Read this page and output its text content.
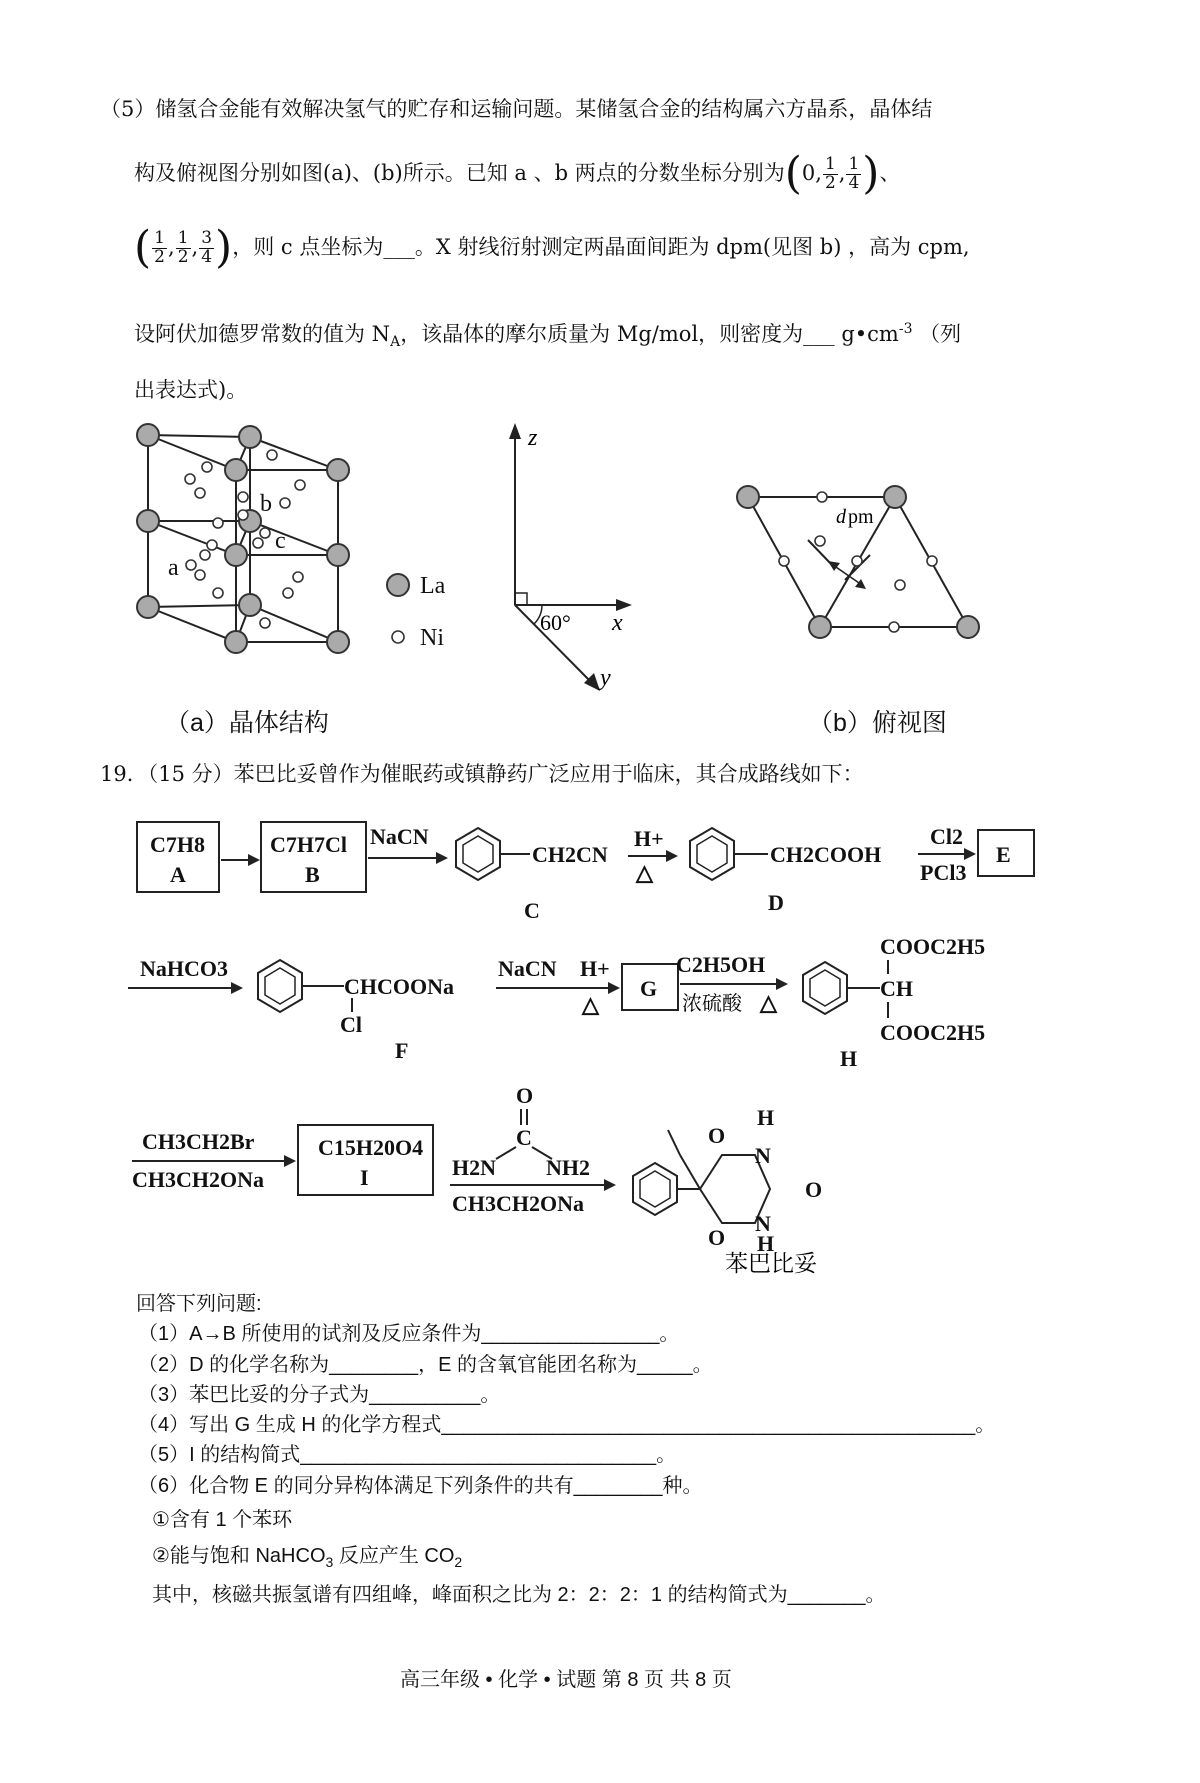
（5）储氢合金能有效解决氢气的贮存和运输问题。某储氢合金的结构属六方晶系，晶体结
构及俯视图分别如图(a)、(b)所示。已知 a 、b 两点的分数坐标分别为(0, $\frac{1}{2}$ , $\frac{1}{4}$ )、
( $\frac{1}{2}$ , $\frac{1}{2}$ , $\frac{3}{4}$ )，则 c 点坐标为___。X 射线衍射测定两晶面间距为 dpm(见图 b) ，高为 cpm,
设阿伏加德罗常数的值为 $N_A$，该晶体的摩尔质量为 Mg/mol，则密度为___ $g•cm^{-3}$ （列
出表达式)。
b
c
a
La
Ni
z
x
y
60°
d pm
（a）晶体结构	（b）俯视图
19．（15 分）苯巴比妥曾作为催眠药或镇静药广泛应用于临床，其合成路线如下：
C7H8
A
C7H7Cl
B
NaCN
CH2CN
C
H+
△
CH2COOH
D
Cl2
PCl3
E
NaHCO3
CHCOONa
Cl
F
NaCN H+
△
G
C2H5OH
浓硫酸 △
COOC2H5
CH
COOC2H5
H
CH3CH2Br
CH3CH2ONa
C15H20O4
I
O
C
H2N NH2
CH3CH2ONa
O
N
H
O
N
H
O
苯巴比妥
回答下列问题:
（1）A→B 所使用的试剂及反应条件为________________。
（2）D 的化学名称为________，E 的含氧官能团名称为_____。
（3）苯巴比妥的分子式为__________。
（4）写出 G 生成 H 的化学方程式________________________________________________。
（5）I 的结构简式________________________________。
（6）化合物 E 的同分异构体满足下列条件的共有________种。
①含有 1 个苯环
②能与饱和 NaHCO$_3$ 反应产生 $CO_2$
其中，核磁共振氢谱有四组峰，峰面积之比为 2：2：2：1 的结构简式为_______。
高三年级 • 化学 • 试题 第 8 页 共 8 页
